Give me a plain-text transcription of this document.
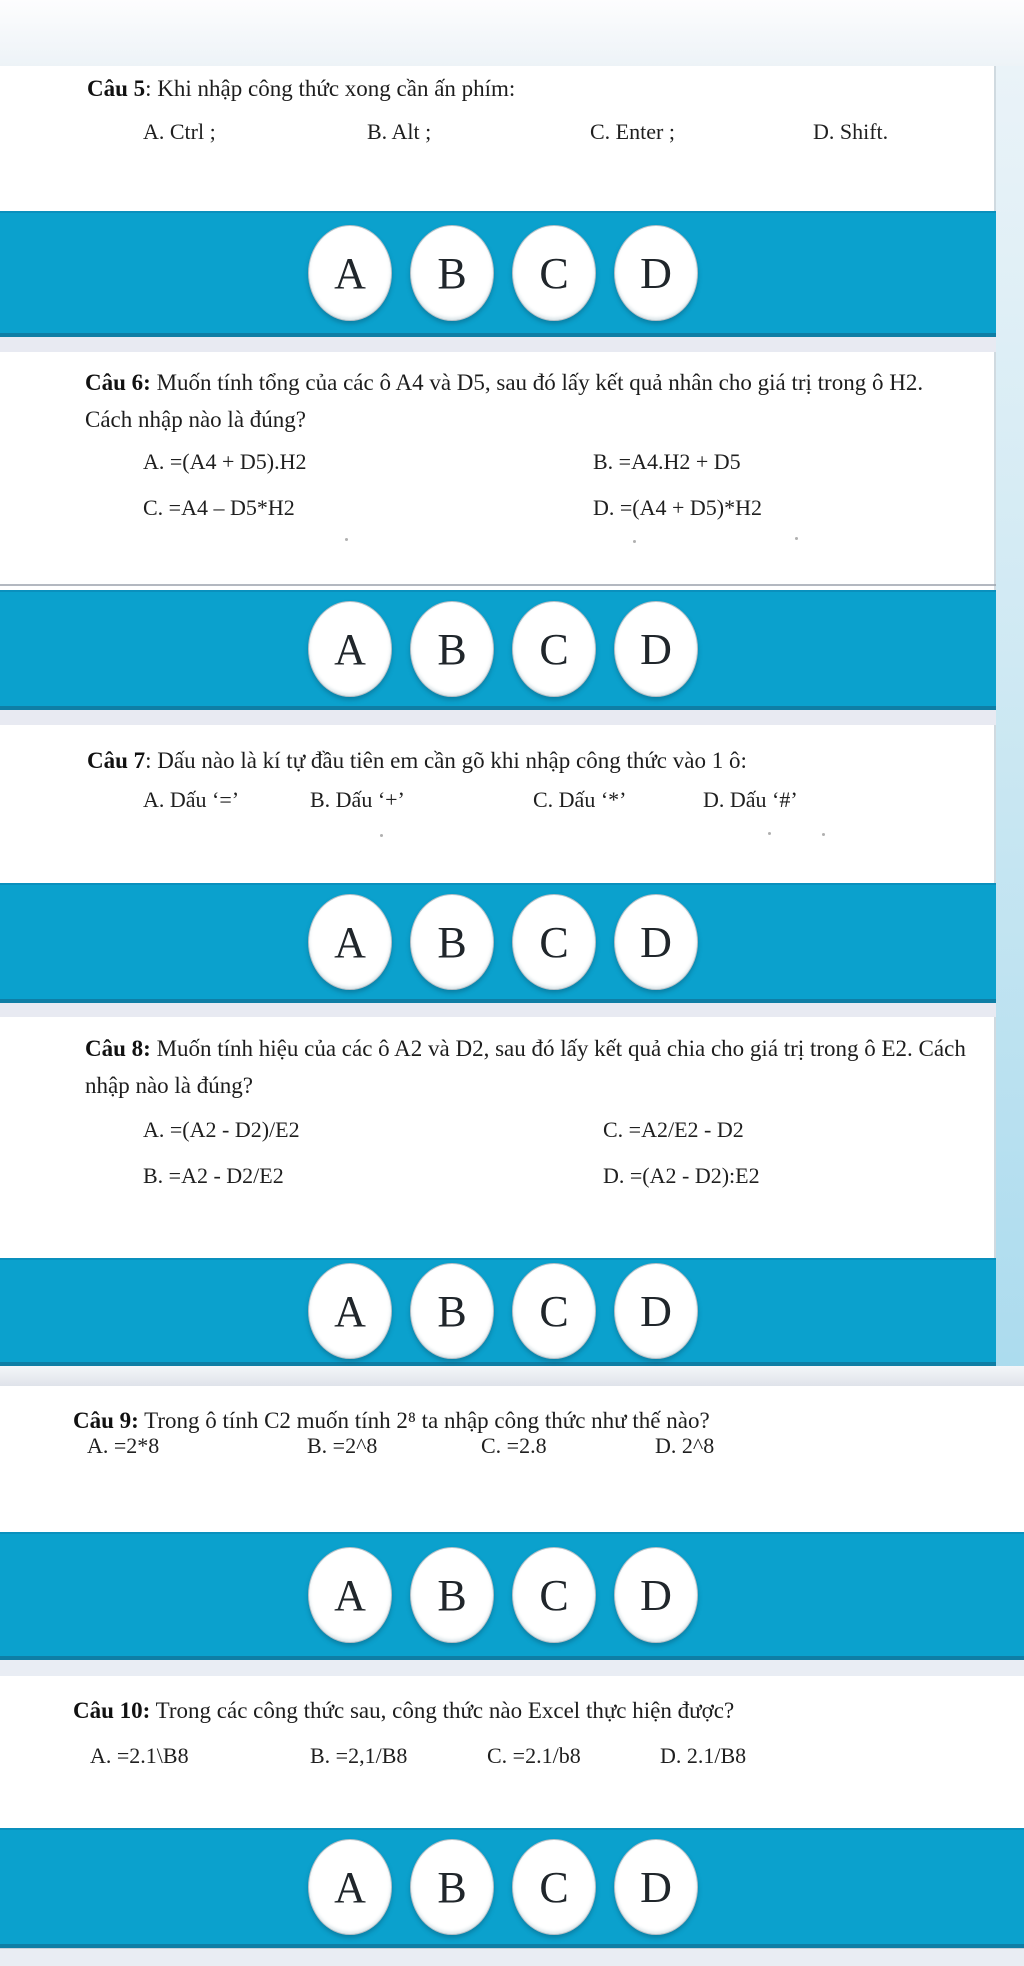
Câu 5: Khi nhập công thức xong cần ấn phím:
A. Ctrl ;	B. Alt ;	C. Enter ;	D. Shift.
A	B	C	D
Câu 6: Muốn tính tổng của các ô A4 và D5, sau đó lấy kết quả nhân cho giá trị trong ô H2. Cách nhập nào là đúng?
A. =(A4 + D5).H2	B. =A4.H2 + D5
C. =A4 – D5*H2	D. =(A4 + D5)*H2
A	B	C	D
Câu 7: Dấu nào là kí tự đầu tiên em cần gõ khi nhập công thức vào 1 ô:
A. Dấu ‘=’	B. Dấu ‘+’	C. Dấu ‘*’	D. Dấu ‘#’
A	B	C	D
Câu 8: Muốn tính hiệu của các ô A2 và D2, sau đó lấy kết quả chia cho giá trị trong ô E2. Cách nhập nào là đúng?
A. =(A2 - D2)/E2
B. =A2 - D2/E2
C. =A2/E2 - D2
D. =(A2 - D2):E2
A	B	C	D
Câu 9: Trong ô tính C2 muốn tính 2⁸ ta nhập công thức như thế nào?
A. =2*8	B. =2^8	C. =2.8	D. 2^8
A	B	C	D
Câu 10: Trong các công thức sau, công thức nào Excel thực hiện được?
A. =2.1\B8	B. =2,1/B8	C. =2.1/b8	D. 2.1/B8
A	B	C	D
